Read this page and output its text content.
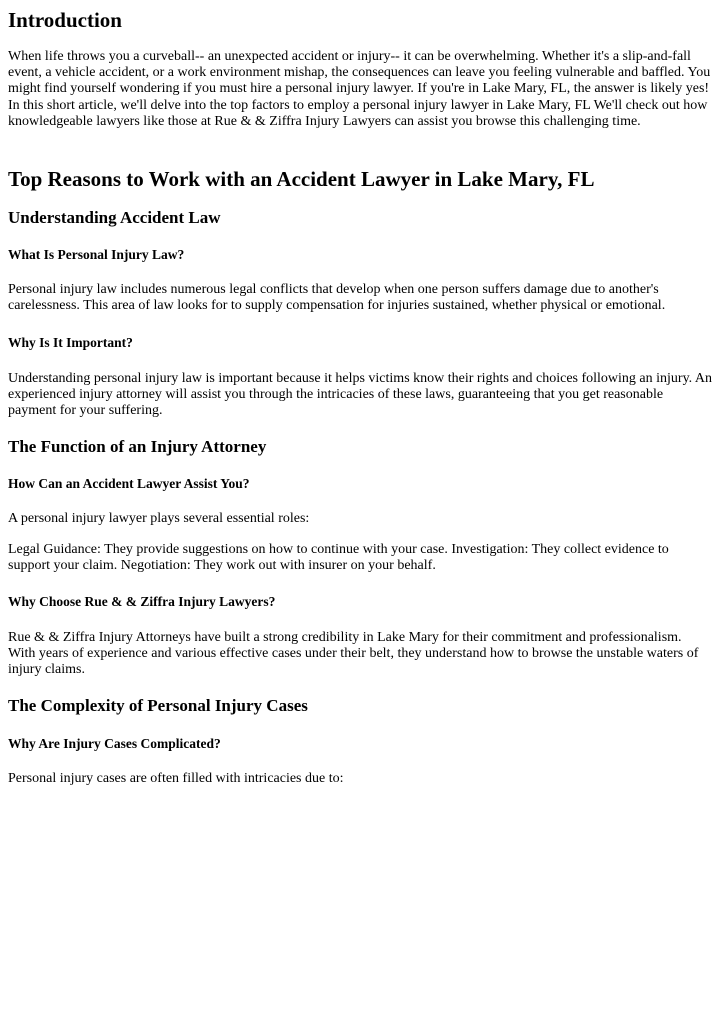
Introduction

When life throws you a curveball-- an unexpected accident or injury-- it can be overwhelming. Whether it's a slip-and-fall event, a vehicle accident, or a work environment mishap, the consequences can leave you feeling vulnerable and baffled. You might find yourself wondering if you must hire a personal injury lawyer. If you're in Lake Mary, FL, the answer is likely yes! In this short article, we'll delve into the top factors to employ a personal injury lawyer in Lake Mary, FL We'll check out how knowledgeable lawyers like those at Rue & & Ziffra Injury Lawyers can assist you browse this challenging time.

Top Reasons to Work with an Accident Lawyer in Lake Mary, FL
Understanding Accident Law
What Is Personal Injury Law?

Personal injury law includes numerous legal conflicts that develop when one person suffers damage due to another's carelessness. This area of law looks for to supply compensation for injuries sustained, whether physical or emotional.

Why Is It Important?

Understanding personal injury law is important because it helps victims know their rights and choices following an injury. An experienced injury attorney will assist you through the intricacies of these laws, guaranteeing that you get reasonable payment for your suffering.

The Function of an Injury Attorney
How Can an Accident Lawyer Assist You?

A personal injury lawyer plays several essential roles:

Legal Guidance: They provide suggestions on how to continue with your case. Investigation: They collect evidence to support your claim. Negotiation: They work out with insurer on your behalf.

Why Choose Rue & & Ziffra Injury Lawyers?

Rue & & Ziffra Injury Attorneys have built a strong credibility in Lake Mary for their commitment and professionalism. With years of experience and various effective cases under their belt, they understand how to browse the unstable waters of injury claims.

The Complexity of Personal Injury Cases
Why Are Injury Cases Complicated?

Personal injury cases are often filled with intricacies due to:
